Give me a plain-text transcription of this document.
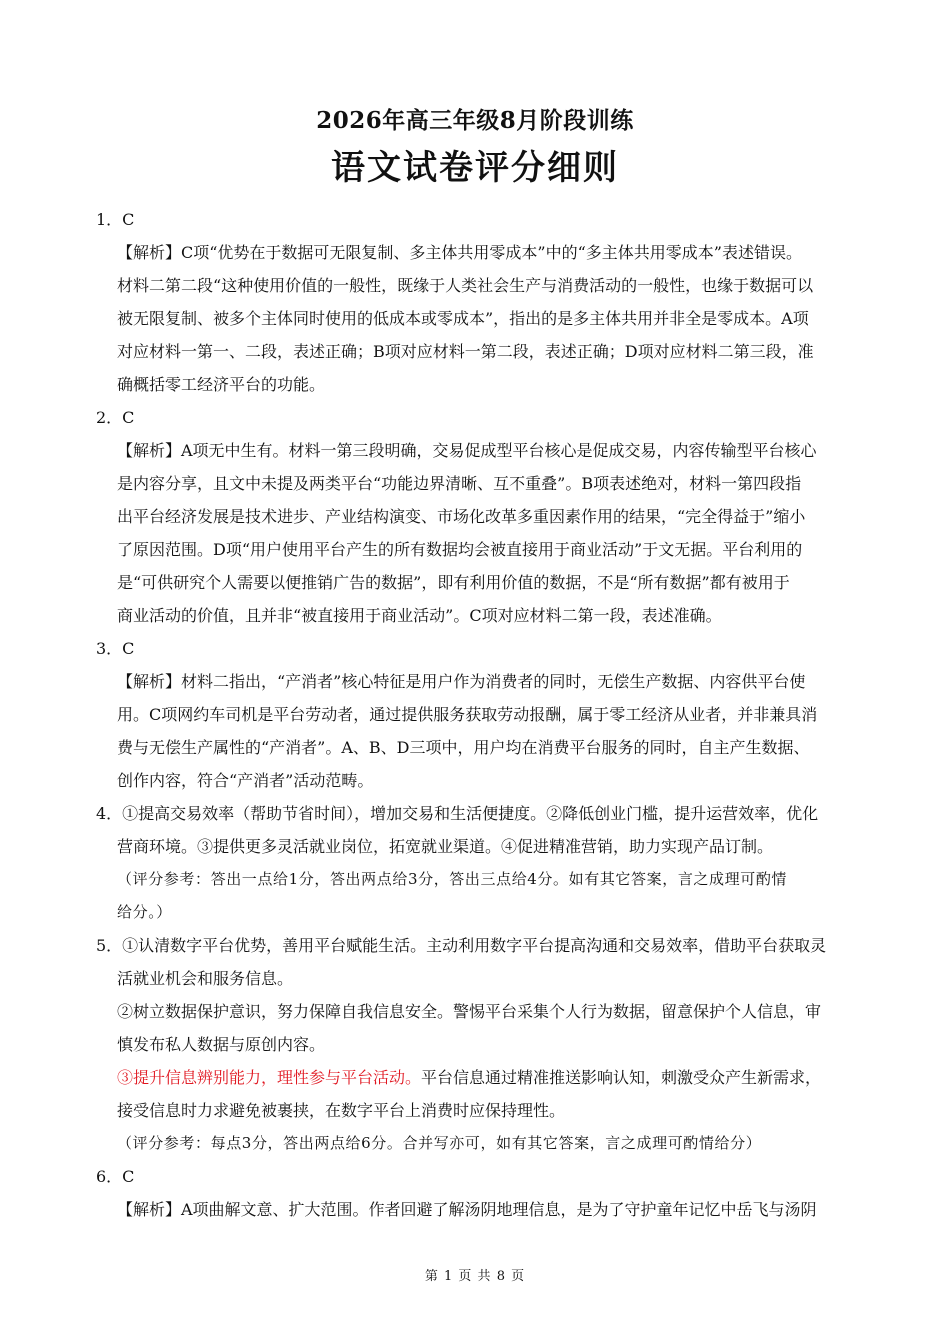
2026年高三年级8月阶段训练
语文试卷评分细则
1．C
【解析】C项“优势在于数据可无限复制、多主体共用零成本”中的“多主体共用零成本”表述错误。
材料二第二段“这种使用价值的一般性，既缘于人类社会生产与消费活动的一般性，也缘于数据可以
被无限复制、被多个主体同时使用的低成本或零成本”，指出的是多主体共用并非全是零成本。A项
对应材料一第一、二段，表述正确；B项对应材料一第二段，表述正确；D项对应材料二第三段，准
确概括零工经济平台的功能。
2．C
【解析】A项无中生有。材料一第三段明确，交易促成型平台核心是促成交易，内容传输型平台核心
是内容分享，且文中未提及两类平台“功能边界清晰、互不重叠”。B项表述绝对，材料一第四段指
出平台经济发展是技术进步、产业结构演变、市场化改革多重因素作用的结果，“完全得益于”缩小
了原因范围。D项“用户使用平台产生的所有数据均会被直接用于商业活动”于文无据。平台利用的
是“可供研究个人需要以便推销广告的数据”，即有利用价值的数据，不是“所有数据”都有被用于
商业活动的价值，且并非“被直接用于商业活动”。C项对应材料二第一段，表述准确。
3．C
【解析】材料二指出，“产消者”核心特征是用户作为消费者的同时，无偿生产数据、内容供平台使
用。C项网约车司机是平台劳动者，通过提供服务获取劳动报酬，属于零工经济从业者，并非兼具消
费与无偿生产属性的“产消者”。A、B、D三项中，用户均在消费平台服务的同时，自主产生数据、
创作内容，符合“产消者”活动范畴。
4．①提高交易效率（帮助节省时间），增加交易和生活便捷度。②降低创业门槛，提升运营效率，优化
营商环境。③提供更多灵活就业岗位，拓宽就业渠道。④促进精准营销，助力实现产品订制。
（评分参考：答出一点给1分，答出两点给3分，答出三点给4分。如有其它答案，言之成理可酌情
给分。）
5．①认清数字平台优势，善用平台赋能生活。主动利用数字平台提高沟通和交易效率，借助平台获取灵
活就业机会和服务信息。
②树立数据保护意识，努力保障自我信息安全。警惕平台采集个人行为数据，留意保护个人信息，审
慎发布私人数据与原创内容。
③提升信息辨别能力，理性参与平台活动。平台信息通过精准推送影响认知，刺激受众产生新需求，
接受信息时力求避免被裹挟，在数字平台上消费时应保持理性。
（评分参考：每点3分，答出两点给6分。合并写亦可，如有其它答案，言之成理可酌情给分）
6．C
【解析】A项曲解文意、扩大范围。作者回避了解汤阴地理信息，是为了守护童年记忆中岳飞与汤阴
第 1 页 共 8 页
